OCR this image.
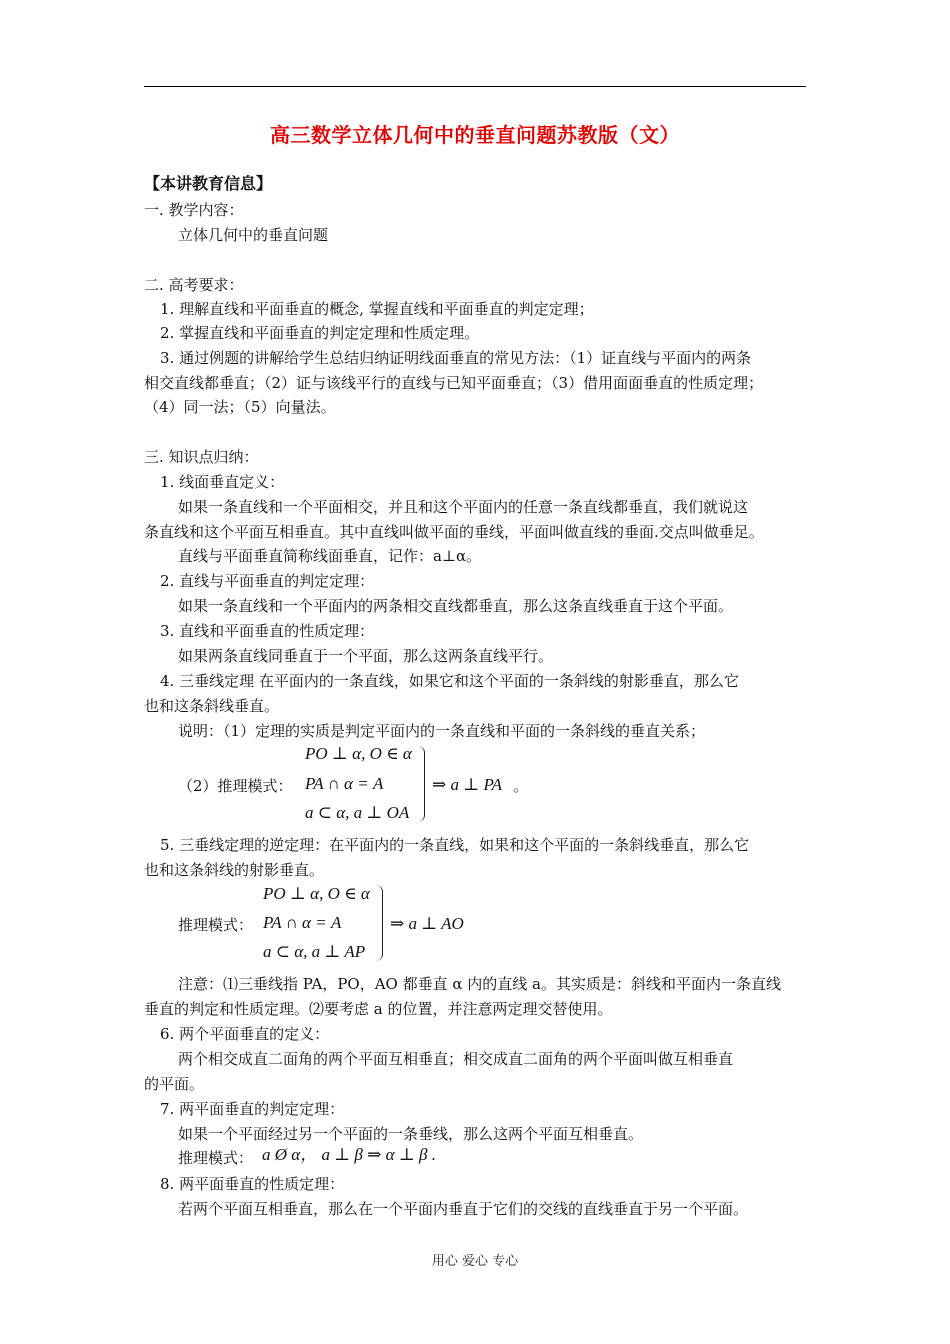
高三数学立体几何中的垂直问题苏教版（文）
【本讲教育信息】
一. 教学内容：
立体几何中的垂直问题
二. 高考要求：
1. 理解直线和平面垂直的概念, 掌握直线和平面垂直的判定定理；
2. 掌握直线和平面垂直的判定定理和性质定理。
3. 通过例题的讲解给学生总结归纳证明线面垂直的常见方法：（1）证直线与平面内的两条
相交直线都垂直；（2）证与该线平行的直线与已知平面垂直；（3）借用面面垂直的性质定理；
（4）同一法；（5）向量法。
三. 知识点归纳：
1. 线面垂直定义：
如果一条直线和一个平面相交，并且和这个平面内的任意一条直线都垂直，我们就说这
条直线和这个平面互相垂直。其中直线叫做平面的垂线，平面叫做直线的垂面.交点叫做垂足。
直线与平面垂直简称线面垂直，记作：a⊥α。
2. 直线与平面垂直的判定定理：
如果一条直线和一个平面内的两条相交直线都垂直，那么这条直线垂直于这个平面。
3. 直线和平面垂直的性质定理：
如果两条直线同垂直于一个平面，那么这两条直线平行。
4. 三垂线定理 在平面内的一条直线，如果它和这个平面的一条斜线的射影垂直，那么它
也和这条斜线垂直。
说明：（1）定理的实质是判定平面内的一条直线和平面的一条斜线的垂直关系；
（2）推理模式：
PO ⊥ α, O ∈ α
PA ∩ α = A
a ⊂ α, a ⊥ OA
⇒ a ⊥ PA 。
5. 三垂线定理的逆定理：在平面内的一条直线，如果和这个平面的一条斜线垂直，那么它
也和这条斜线的射影垂直。
推理模式：
PO ⊥ α, O ∈ α
PA ∩ α = A
a ⊂ α, a ⊥ AP
⇒ a ⊥ AO
注意：⑴三垂线指 PA，PO，AO 都垂直 α 内的直线 a。其实质是：斜线和平面内一条直线
垂直的判定和性质定理。⑵要考虑 a 的位置，并注意两定理交替使用。
6. 两个平面垂直的定义：
两个相交成直二面角的两个平面互相垂直；相交成直二面角的两个平面叫做互相垂直
的平面。
7. 两平面垂直的判定定理：
如果一个平面经过另一个平面的一条垂线，那么这两个平面互相垂直。
推理模式： a Ø α， a ⊥ β ⇒ α ⊥ β .
8. 两平面垂直的性质定理：
若两个平面互相垂直，那么在一个平面内垂直于它们的交线的直线垂直于另一个平面。
用心 爱心 专心
